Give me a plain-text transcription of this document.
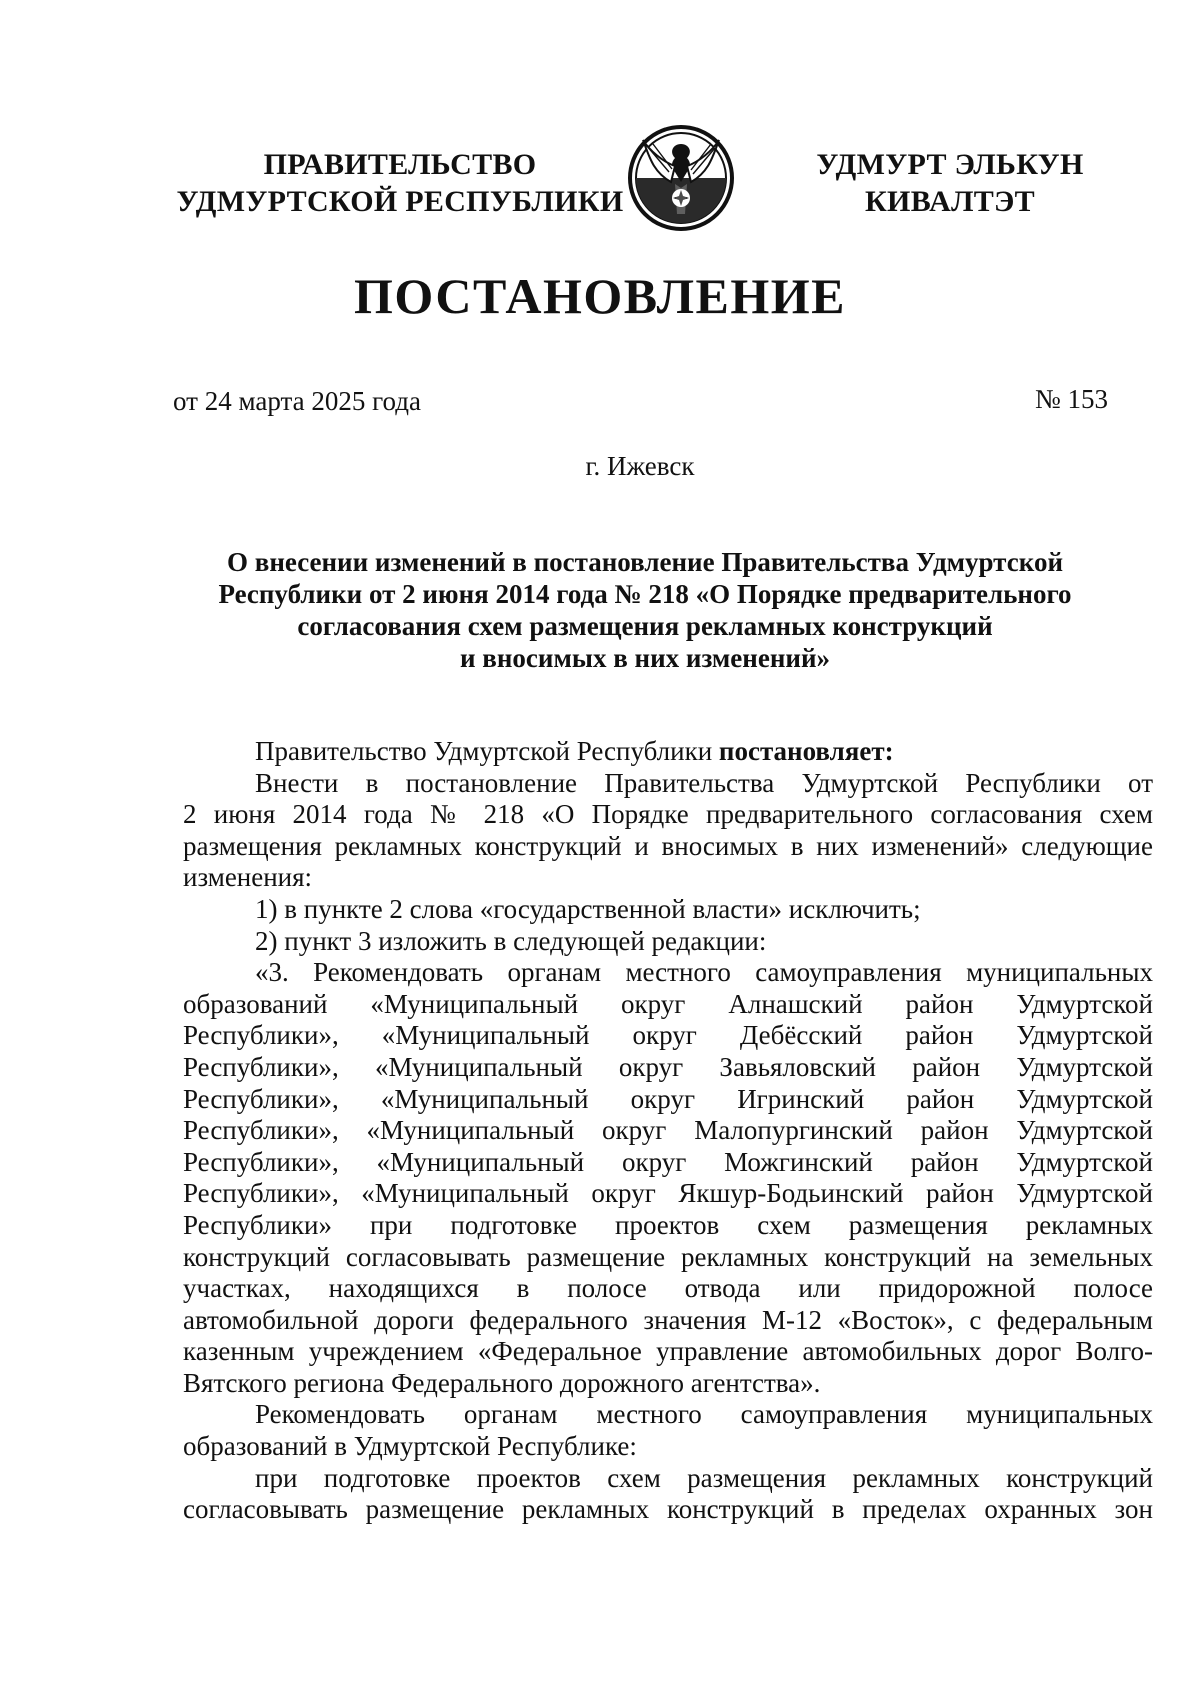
ПРАВИТЕЛЬСТВО
УДМУРТСКОЙ РЕСПУБЛИКИ
УДМУРТ ЭЛЬКУН
КИВАЛТЭТ
ПОСТАНОВЛЕНИЕ
от 24 марта 2025 года	№ 153
г. Ижевск
О внесении изменений в постановление Правительства Удмуртской
Республики от 2 июня 2014 года № 218 «О Порядке предварительного
согласования схем размещения рекламных конструкций
и вносимых в них изменений»
Правительство Удмуртской Республики постановляет:
Внести в постановление Правительства Удмуртской Республики от
2 июня 2014 года № 218 «О Порядке предварительного согласования схем
размещения рекламных конструкций и вносимых в них изменений» следующие
изменения:
1) в пункте 2 слова «государственной власти» исключить;
2) пункт 3 изложить в следующей редакции:
«3. Рекомендовать органам местного самоуправления муниципальных
образований «Муниципальный округ Алнашский район Удмуртской
Республики», «Муниципальный округ Дебёсский район Удмуртской
Республики», «Муниципальный округ Завьяловский район Удмуртской
Республики», «Муниципальный округ Игринский район Удмуртской
Республики», «Муниципальный округ Малопургинский район Удмуртской
Республики», «Муниципальный округ Можгинский район Удмуртской
Республики», «Муниципальный округ Якшур-Бодьинский район Удмуртской
Республики» при подготовке проектов схем размещения рекламных
конструкций согласовывать размещение рекламных конструкций на земельных
участках, находящихся в полосе отвода или придорожной полосе
автомобильной дороги федерального значения М-12 «Восток», с федеральным
казенным учреждением «Федеральное управление автомобильных дорог Волго-
Вятского региона Федерального дорожного агентства».
Рекомендовать органам местного самоуправления муниципальных
образований в Удмуртской Республике:
при подготовке проектов схем размещения рекламных конструкций
согласовывать размещение рекламных конструкций в пределах охранных зон
